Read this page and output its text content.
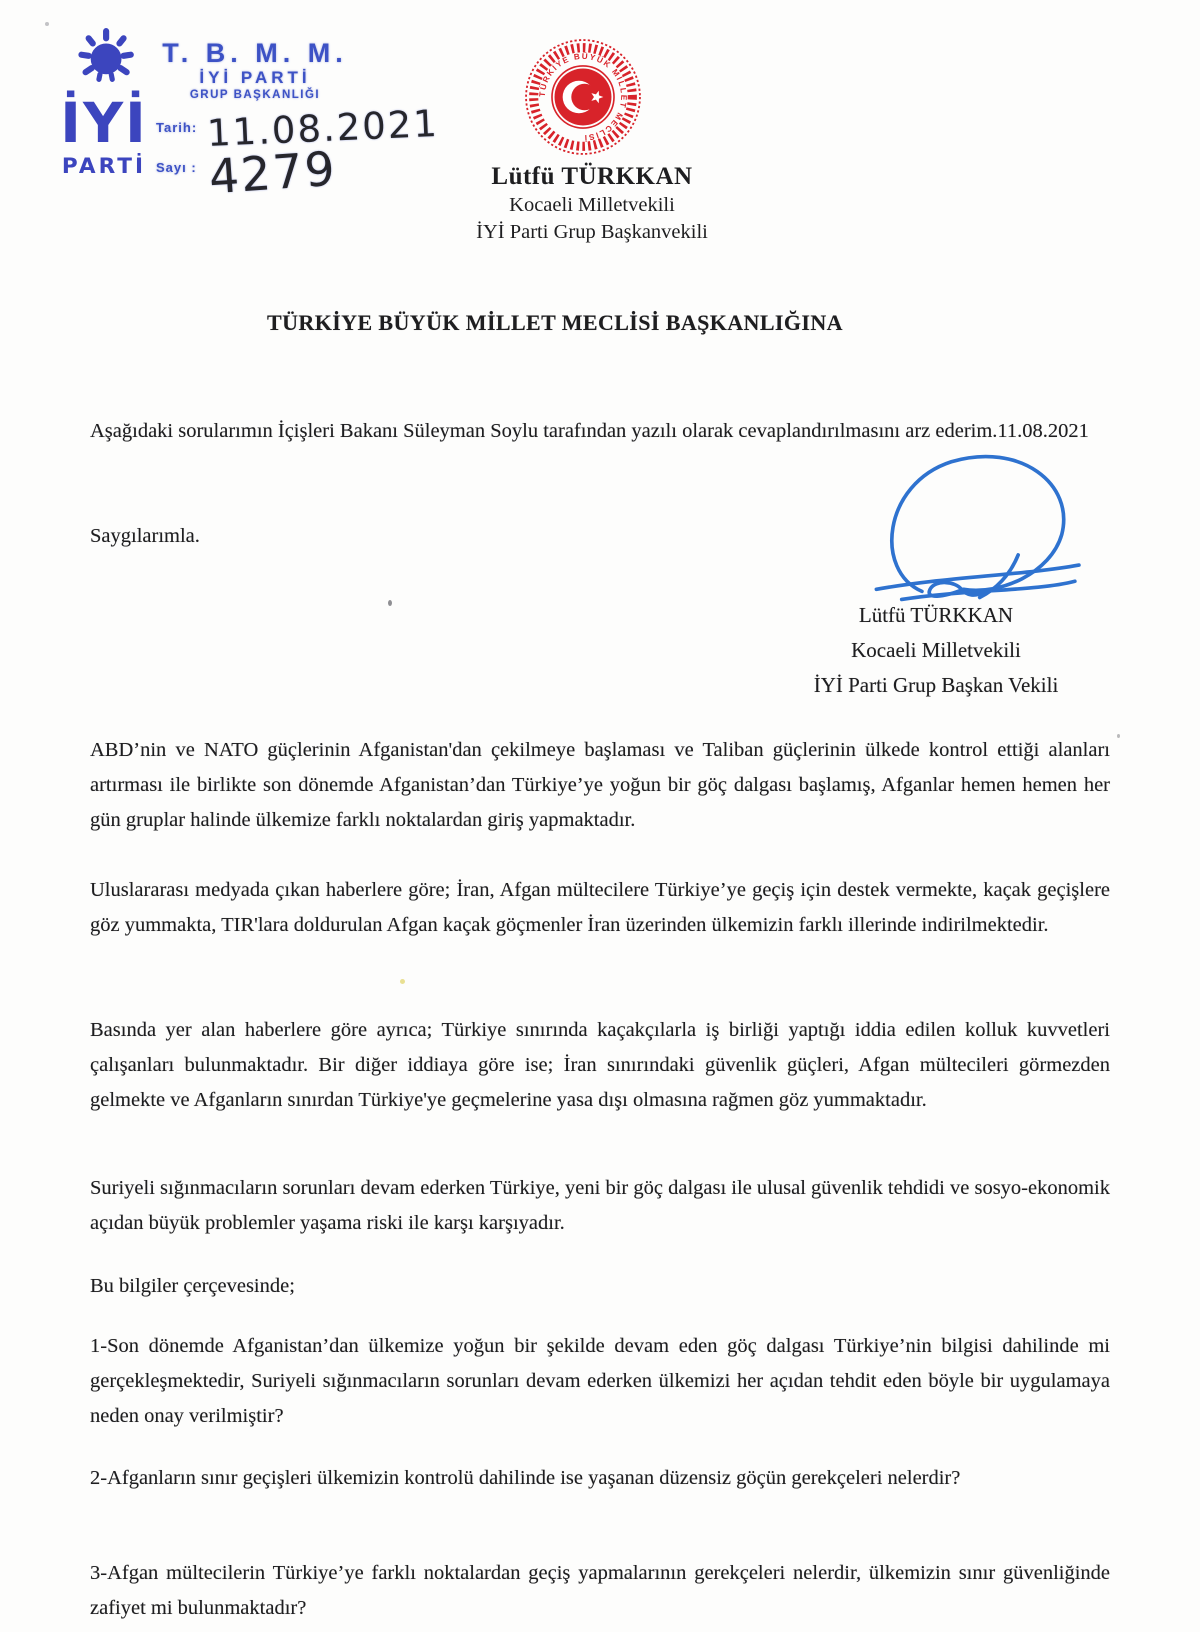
İYİ
PARTİ
T. B. M. M.
İYİ PARTİ
GRUP BAŞKANLIĞI
Tarih: 11.08.2021
Sayı : 4279
TÜRKİYE BÜYÜK MİLLET MECLİSİ
Lütfü TÜRKKAN
Kocaeli Milletvekili
İYİ Parti Grup Başkanvekili
TÜRKİYE BÜYÜK MİLLET MECLİSİ BAŞKANLIĞINA

Aşağıdaki sorularımın İçişleri Bakanı Süleyman Soylu tarafından yazılı olarak cevaplandırılmasını arz ederim.11.08.2021

Saygılarımla.

Lütfü TÜRKKAN
Kocaeli Milletvekili
İYİ Parti Grup Başkan Vekili

ABD’nin ve NATO güçlerinin Afganistan'dan çekilmeye başlaması ve Taliban güçlerinin ülkede kontrol ettiği alanları artırması ile birlikte son dönemde Afganistan’dan Türkiye’ye yoğun bir göç dalgası başlamış, Afganlar hemen hemen her gün gruplar halinde ülkemize farklı noktalardan giriş yapmaktadır.

Uluslararası medyada çıkan haberlere göre; İran, Afgan mültecilere Türkiye’ye geçiş için destek vermekte, kaçak geçişlere göz yummakta, TIR'lara doldurulan Afgan kaçak göçmenler İran üzerinden ülkemizin farklı illerinde indirilmektedir.

Basında yer alan haberlere göre ayrıca; Türkiye sınırında kaçakçılarla iş birliği yaptığı iddia edilen kolluk kuvvetleri çalışanları bulunmaktadır. Bir diğer iddiaya göre ise; İran sınırındaki güvenlik güçleri, Afgan mültecileri görmezden gelmekte ve Afganların sınırdan Türkiye'ye geçmelerine yasa dışı olmasına rağmen göz yummaktadır.

Suriyeli sığınmacıların sorunları devam ederken Türkiye, yeni bir göç dalgası ile ulusal güvenlik tehdidi ve sosyo-ekonomik açıdan büyük problemler yaşama riski ile karşı karşıyadır.

Bu bilgiler çerçevesinde;

1-Son dönemde Afganistan’dan ülkemize yoğun bir şekilde devam eden göç dalgası Türkiye’nin bilgisi dahilinde mi gerçekleşmektedir, Suriyeli sığınmacıların sorunları devam ederken ülkemizi her açıdan tehdit eden böyle bir uygulamaya neden onay verilmiştir?

2-Afganların sınır geçişleri ülkemizin kontrolü dahilinde ise yaşanan düzensiz göçün gerekçeleri nelerdir?

3-Afgan mültecilerin Türkiye’ye farklı noktalardan geçiş yapmalarının gerekçeleri nelerdir, ülkemizin sınır güvenliğinde zafiyet mi bulunmaktadır?
